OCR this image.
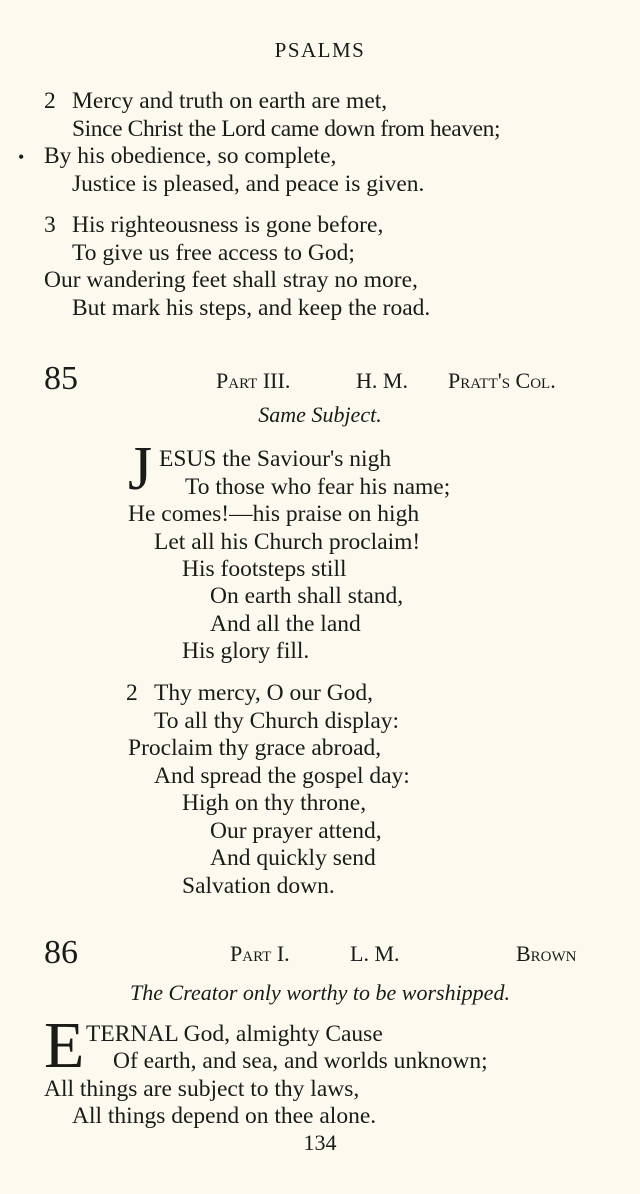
PSALMS
2 Mercy and truth on earth are met,
Since Christ the Lord came down from heaven;
• By his obedience, so complete,
Justice is pleased, and peace is given.
3 His righteousness is gone before,
To give us free access to God;
Our wandering feet shall stray no more,
But mark his steps, and keep the road.
85	Part III.	H. M. Pratt's Col.
Same Subject.
J ESUS the Saviour's nigh
To those who fear his name;
He comes!—his praise on high
Let all his Church proclaim!
His footsteps still
On earth shall stand,
And all the land
His glory fill.
2 Thy mercy, O our God,
To all thy Church display:
Proclaim thy grace abroad,
And spread the gospel day:
High on thy throne,
Our prayer attend,
And quickly send
Salvation down.
86	Part I.	L. M.	Brown
The Creator only worthy to be worshipped.
E TERNAL God, almighty Cause
Of earth, and sea, and worlds unknown;
All things are subject to thy laws,
All things depend on thee alone.
134
